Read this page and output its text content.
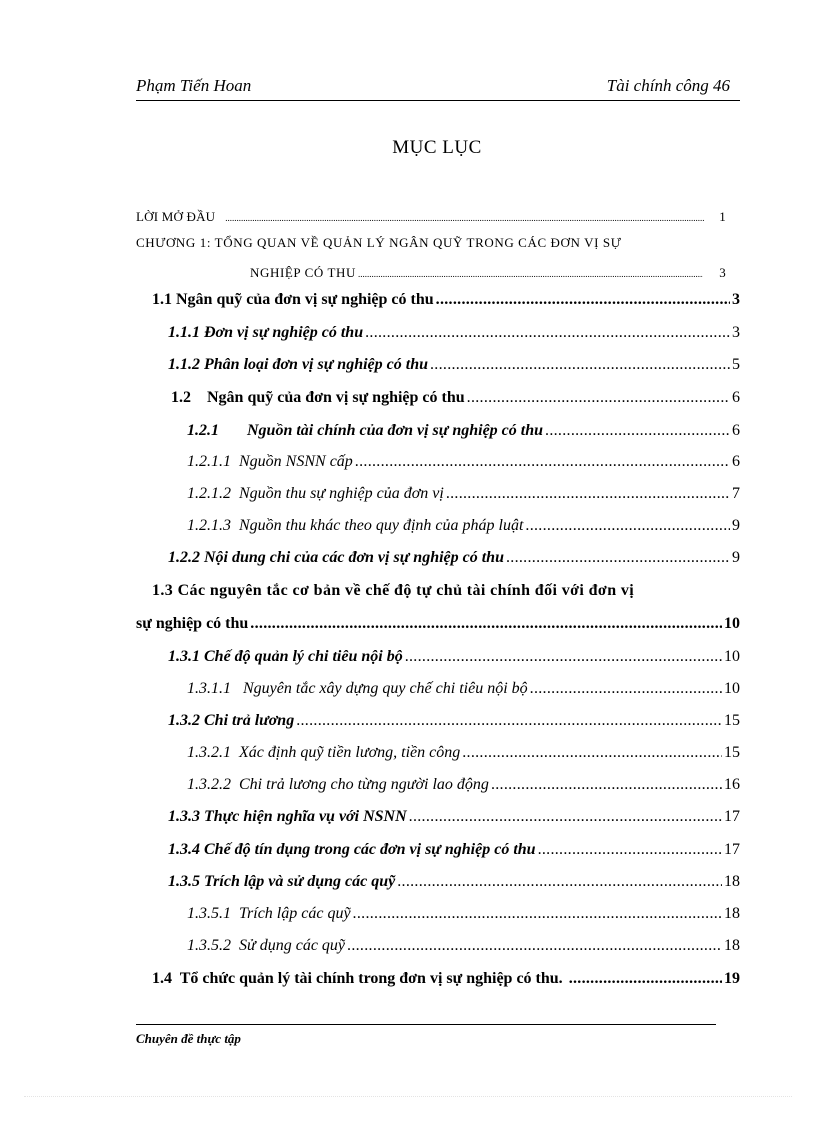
Phạm Tiến Hoan	Tài chính công 46
MỤC LỤC
LỜI MỞ ĐẦU .....	1
CHƯƠNG 1: TỔNG QUAN VỀ QUẢN LÝ NGÂN QUỸ TRONG CÁC ĐƠN VỊ SỰ
NGHIỆP CÓ THU .....	3
1.1 Ngân quỹ của đơn vị sự nghiệp có thu .....	3
1.1.1 Đơn vị sự nghiệp có thu .....	3
1.1.2 Phân loại đơn vị sự nghiệp có thu .....	5
1.2    Ngân quỹ của đơn vị sự nghiệp có thu .....	6
1.2.1       Nguồn tài chính của đơn vị sự nghiệp có thu .....	6
1.2.1.1  Nguồn NSNN cấp .....	6
1.2.1.2  Nguồn thu sự nghiệp của đơn vị .....	7
1.2.1.3  Nguồn thu khác theo quy định của pháp luật .....	9
1.2.2 Nội dung chi của các đơn vị sự nghiệp có thu .....	9
1.3 Các nguyên tắc cơ bản về chế độ tự chủ tài chính đối với đơn vị
sự nghiệp có thu .....	10
1.3.1 Chế độ quản lý chi tiêu nội bộ .....	10
1.3.1.1   Nguyên tắc xây dựng quy chế chi tiêu nội bộ .....	10
1.3.2 Chi trả lương .....	15
1.3.2.1  Xác định quỹ tiền lương, tiền công .....	15
1.3.2.2  Chi trả lương cho từng người lao động .....	16
1.3.3 Thực hiện nghĩa vụ với NSNN .....	17
1.3.4 Chế độ tín dụng trong các đơn vị sự nghiệp có thu .....	17
1.3.5 Trích lập và sử dụng các quỹ .....	18
1.3.5.1  Trích lập các quỹ .....	18
1.3.5.2  Sử dụng các quỹ .....	18
1.4  Tổ chức quản lý tài chính trong đơn vị sự nghiệp có thu. .....	19
Chuyên đề thực tập
